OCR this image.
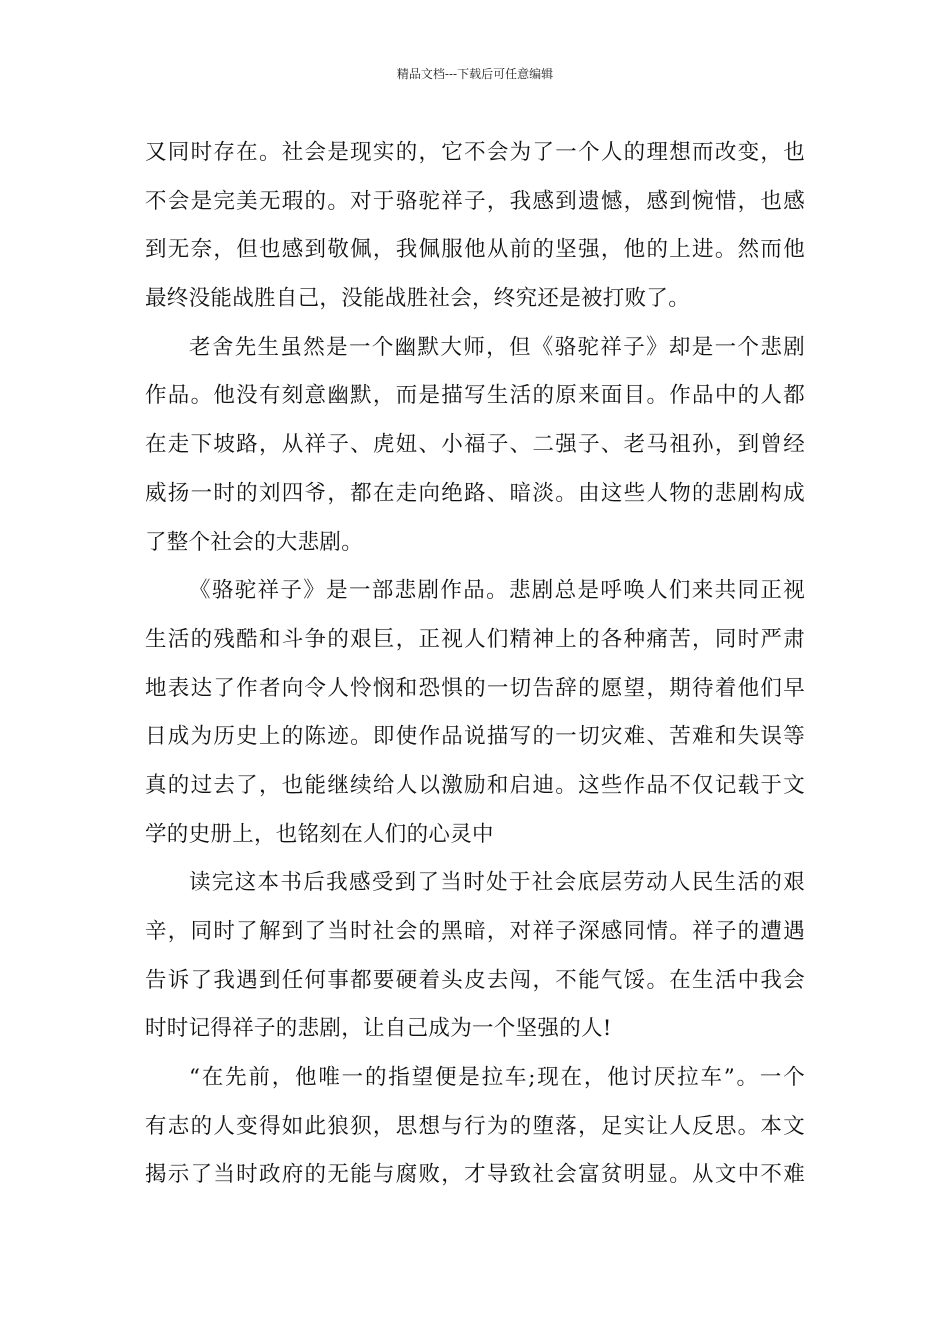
精品文档---下载后可任意编辑
又同时存在。社会是现实的，它不会为了一个人的理想而改变，也
不会是完美无瑕的。对于骆驼祥子，我感到遗憾，感到惋惜，也感
到无奈，但也感到敬佩，我佩服他从前的坚强，他的上进。然而他
最终没能战胜自己，没能战胜社会，终究还是被打败了。
老舍先生虽然是一个幽默大师，但《骆驼祥子》却是一个悲剧
作品。他没有刻意幽默，而是描写生活的原来面目。作品中的人都
在走下坡路，从祥子、虎妞、小福子、二强子、老马祖孙，到曾经
威扬一时的刘四爷，都在走向绝路、暗淡。由这些人物的悲剧构成
了整个社会的大悲剧。
《骆驼祥子》是一部悲剧作品。悲剧总是呼唤人们来共同正视
生活的残酷和斗争的艰巨，正视人们精神上的各种痛苦，同时严肃
地表达了作者向令人怜悯和恐惧的一切告辞的愿望，期待着他们早
日成为历史上的陈迹。即使作品说描写的一切灾难、苦难和失误等
真的过去了，也能继续给人以激励和启迪。这些作品不仅记载于文
学的史册上，也铭刻在人们的心灵中
读完这本书后我感受到了当时处于社会底层劳动人民生活的艰
辛，同时了解到了当时社会的黑暗，对祥子深感同情。祥子的遭遇
告诉了我遇到任何事都要硬着头皮去闯，不能气馁。在生活中我会
时时记得祥子的悲剧，让自己成为一个坚强的人!
“在先前，他唯一的指望便是拉车;现在，他讨厌拉车”。一个
有志的人变得如此狼狈，思想与行为的堕落，足实让人反思。本文
揭示了当时政府的无能与腐败，才导致社会富贫明显。从文中不难
